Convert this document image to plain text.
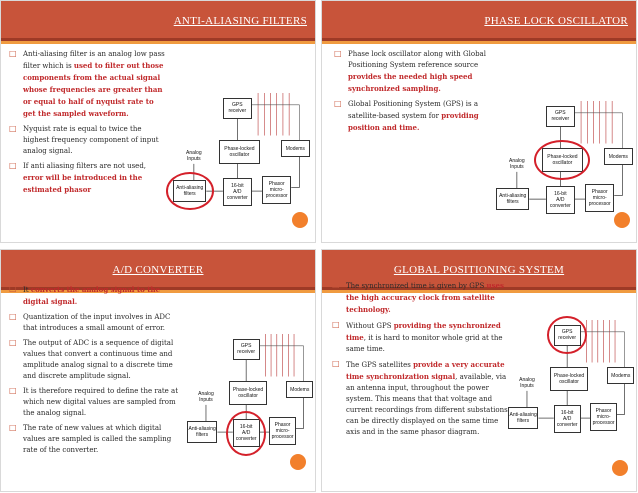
ANTI-ALIASING FILTERS
□ Anti-aliasing filter is an analog low pass filter which is used to filter out those components from the actual signal whose frequencies are greater than or equal to half of nyquist rate to get the sampled waveform.
□ Nyquist rate is equal to twice the highest frequency component of input analog signal.
□ If anti aliasing filters are not used, error will be introduced in the estimated phasor
GPS
receiver
Phase-locked
oscillator
Modems
Anti-aliasing
filters
16-bit
A/D
converter
Phasor
micro-
processor
Analog
Inputs
PHASE LOCK OSCILLATOR
□ Phase lock oscillator along with Global Positioning System reference source provides the needed high speed synchronized sampling.
□ Global Positioning System (GPS) is a satellite-based system for providing position and time.
GPS
receiver
Phase-locked
oscillator
Modems
Anti-aliasing
filters
16-bit
A/D
converter
Phasor
micro-
processor
Analog
Inputs
A/D CONVERTER
□ It converts the analog signal to the digital signal.
□ Quantization of the input involves in ADC that introduces a small amount of error.
□ The output of ADC is a sequence of digital values that convert a continuous time and amplitude analog signal to a discrete time and discrete amplitude signal.
□ It is therefore required to define the rate at which new digital values are sampled from the analog signal.
□ The rate of new values at which digital values are sampled is called the sampling rate of the converter.
GPS
receiver
Phase-locked
oscillator
Modems
Anti-aliasing
filters
16-bit
A/D
converter
Phasor
micro-
processor
Analog
Inputs
GLOBAL POSITIONING SYSTEM
□ The synchronized time is given by GPS uses the high accuracy clock from satellite technology.
□ Without GPS providing the synchronized time, it is hard to monitor whole grid at the same time.
□ The GPS satellites provide a very accurate time synchronization signal, available, via an antenna input, throughout the power system. This means that that voltage and current recordings from different substations can be directly displayed on the same time axis and in the same phasor diagram.
GPS
receiver
Phase-locked
oscillator
Modems
Anti-aliasing
filters
16-bit
A/D
converter
Phasor
micro-
processor
Analog
Inputs
